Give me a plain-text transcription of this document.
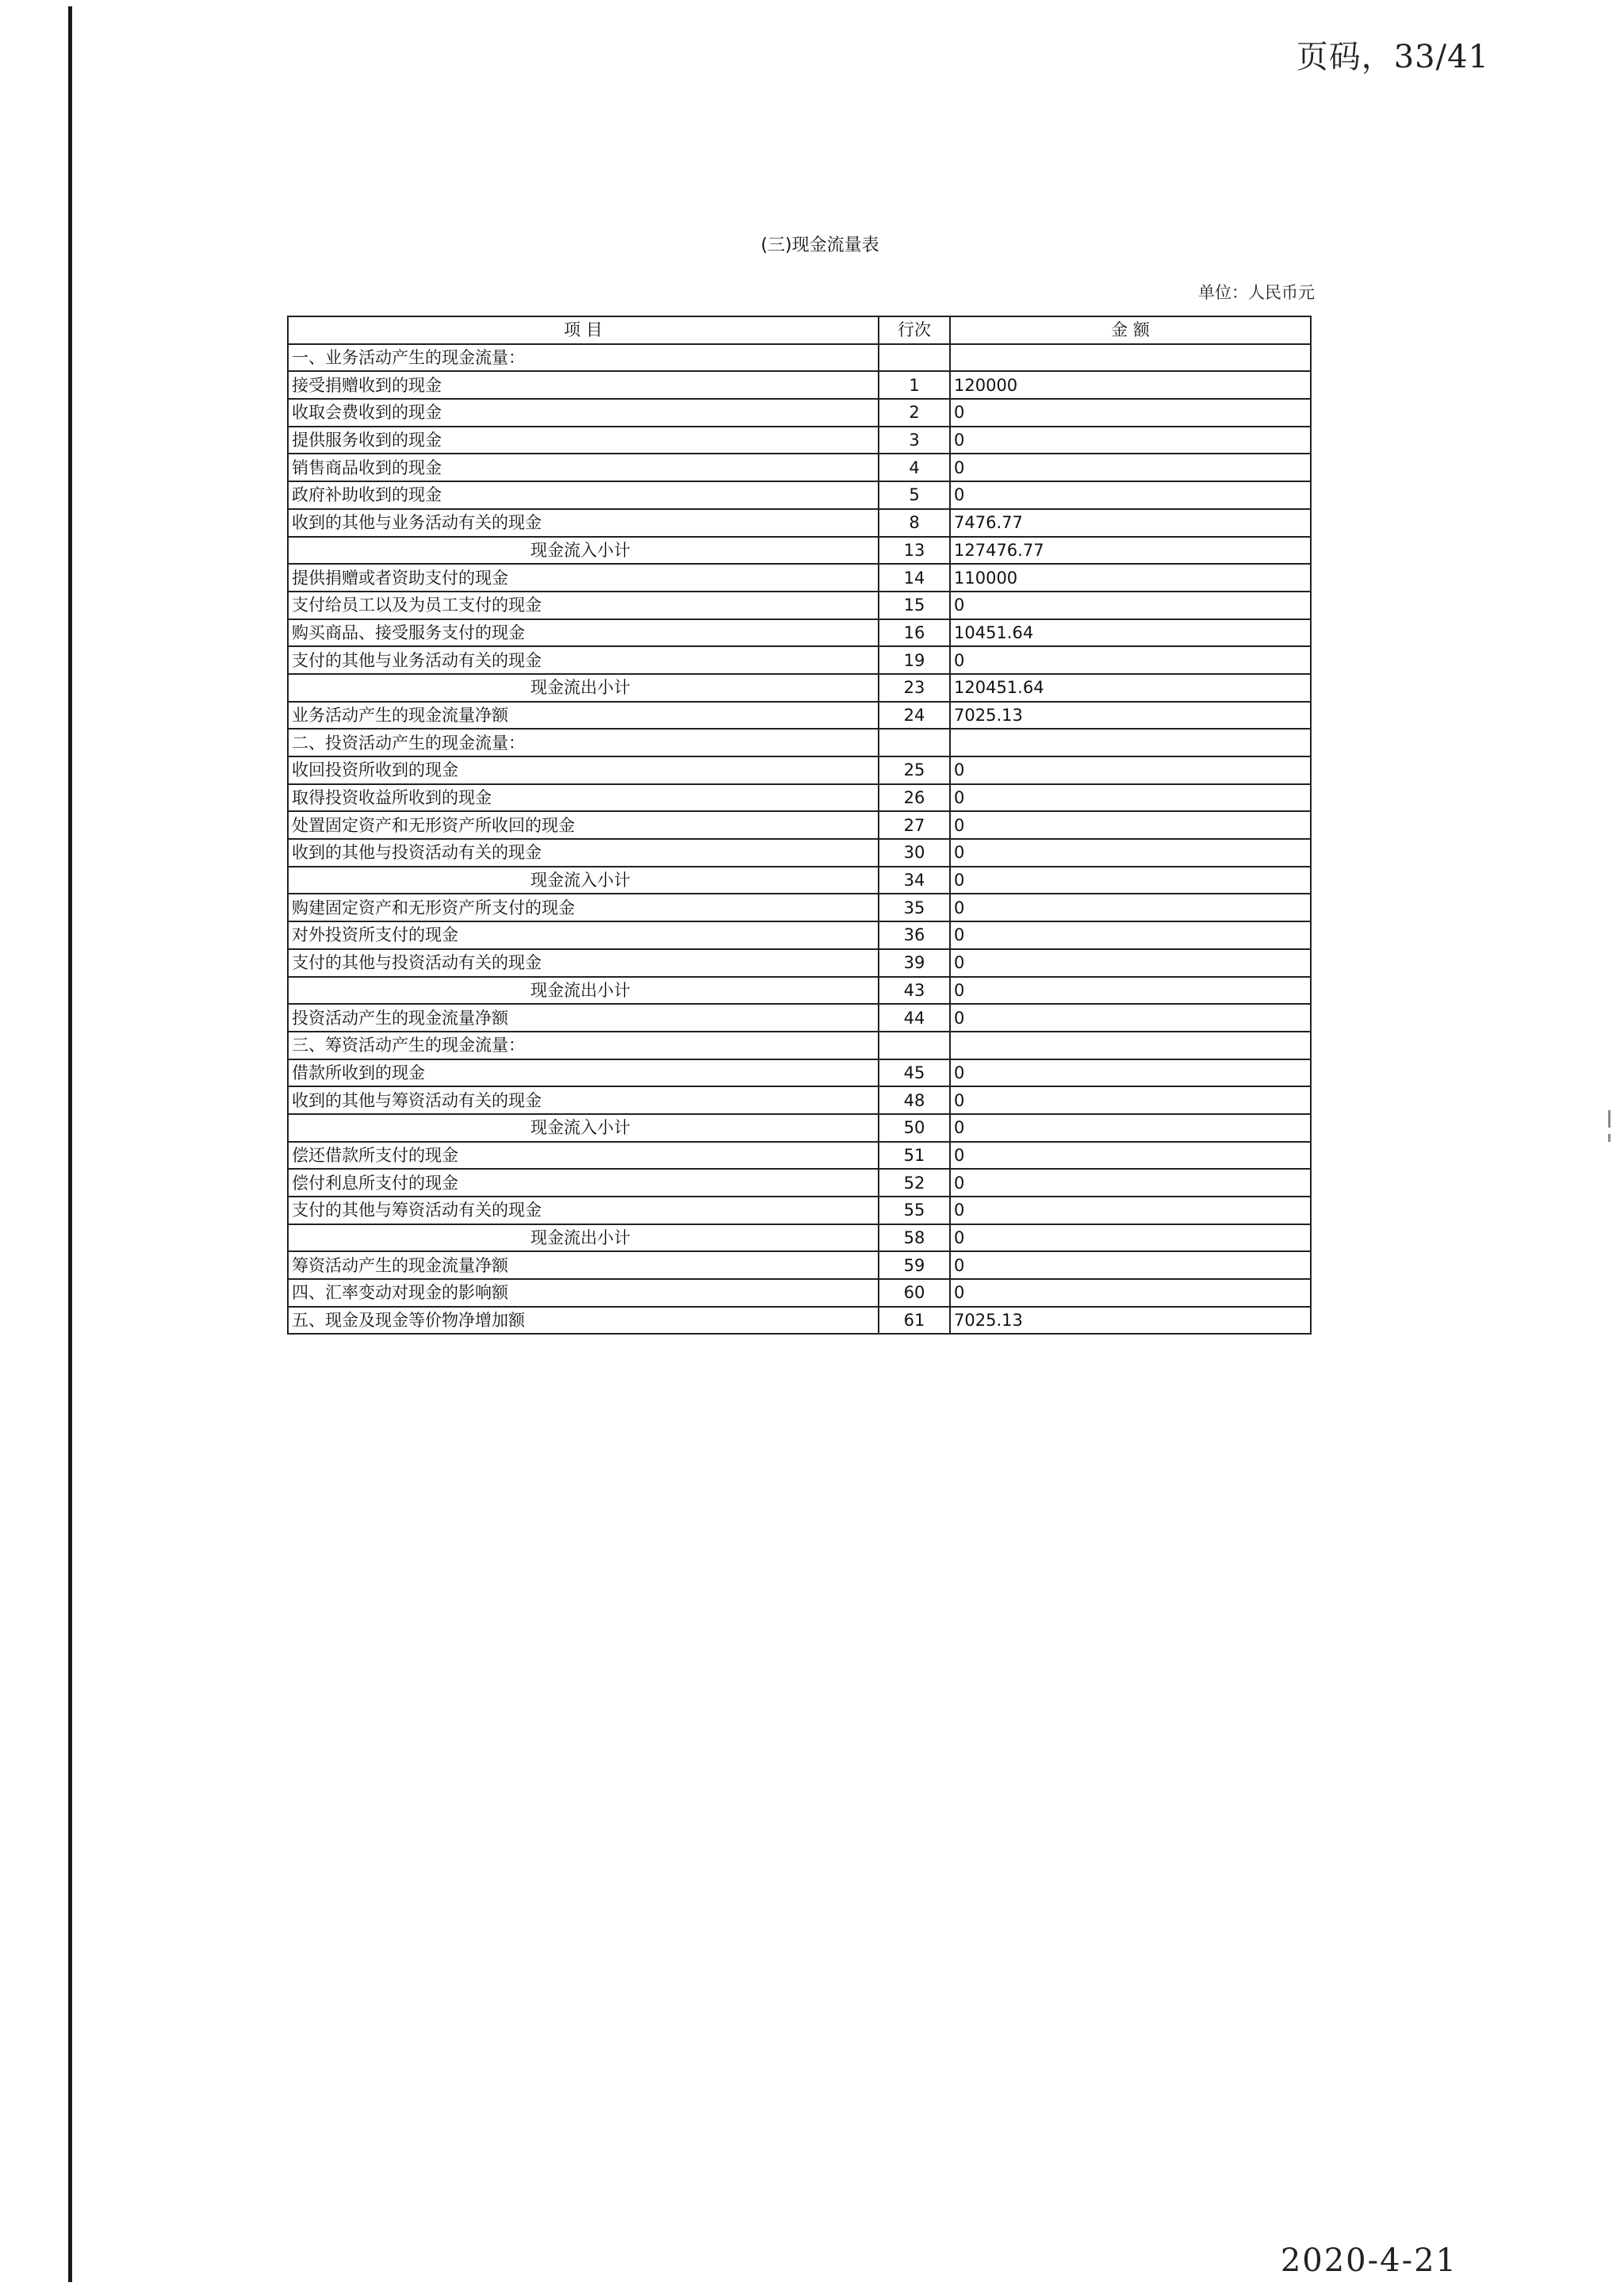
页码，33/41
(三)现金流量表
单位：人民币元
项 目	行次	金 额
一、业务活动产生的现金流量：		
接受捐赠收到的现金	1	120000
收取会费收到的现金	2	0
提供服务收到的现金	3	0
销售商品收到的现金	4	0
政府补助收到的现金	5	0
收到的其他与业务活动有关的现金	8	7476.77
现金流入小计	13	127476.77
提供捐赠或者资助支付的现金	14	110000
支付给员工以及为员工支付的现金	15	0
购买商品、接受服务支付的现金	16	10451.64
支付的其他与业务活动有关的现金	19	0
现金流出小计	23	120451.64
业务活动产生的现金流量净额	24	7025.13
二、投资活动产生的现金流量：		
收回投资所收到的现金	25	0
取得投资收益所收到的现金	26	0
处置固定资产和无形资产所收回的现金	27	0
收到的其他与投资活动有关的现金	30	0
现金流入小计	34	0
购建固定资产和无形资产所支付的现金	35	0
对外投资所支付的现金	36	0
支付的其他与投资活动有关的现金	39	0
现金流出小计	43	0
投资活动产生的现金流量净额	44	0
三、筹资活动产生的现金流量：		
借款所收到的现金	45	0
收到的其他与筹资活动有关的现金	48	0
现金流入小计	50	0
偿还借款所支付的现金	51	0
偿付利息所支付的现金	52	0
支付的其他与筹资活动有关的现金	55	0
现金流出小计	58	0
筹资活动产生的现金流量净额	59	0
四、汇率变动对现金的影响额	60	0
五、现金及现金等价物净增加额	61	7025.13
2020-4-21
